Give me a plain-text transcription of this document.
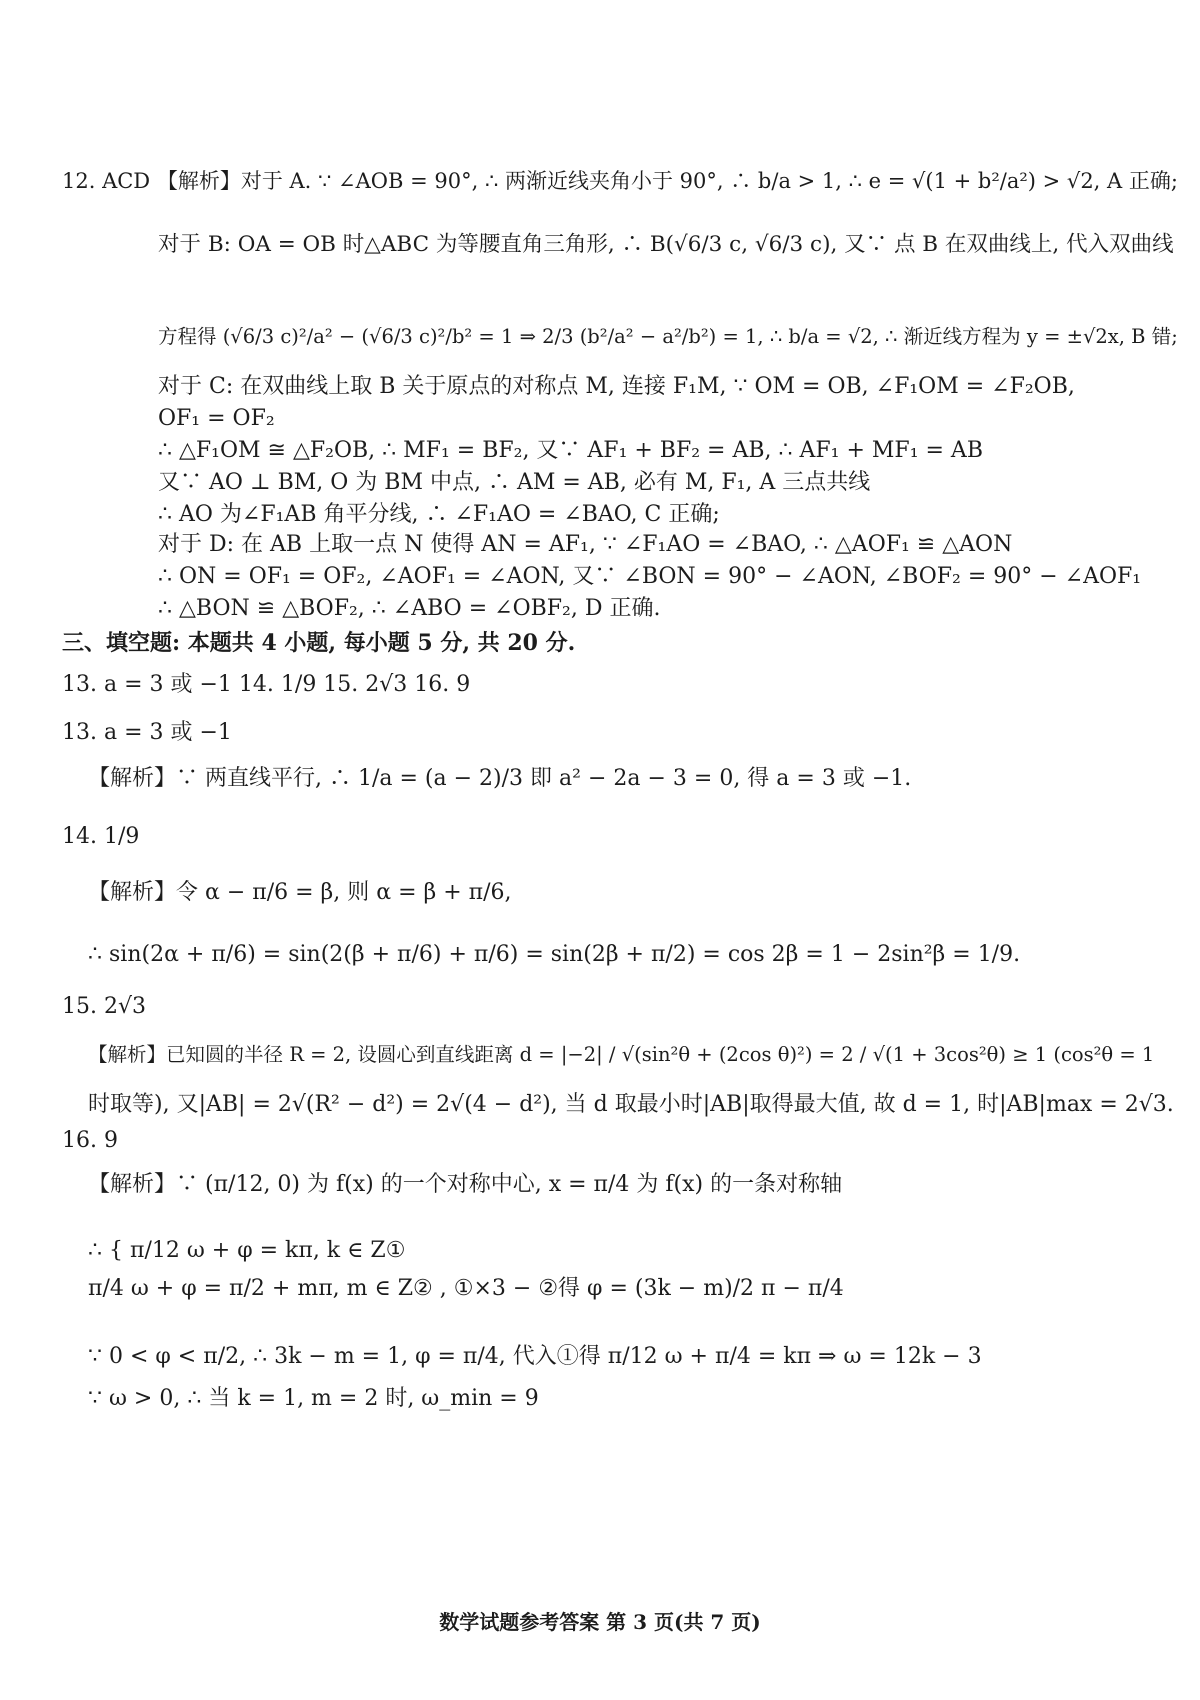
12. ACD 【解析】对于 A. ∵ ∠AOB = 90°, ∴ 两渐近线夹角小于 90°, ∴ b/a > 1, ∴ e = √(1 + b²/a²) > √2, A 正确;
对于 B: OA = OB 时△ABC 为等腰直角三角形, ∴ B(√6/3 c, √6/3 c), 又∵ 点 B 在双曲线上, 代入双曲线
方程得 (√6/3 c)²/a² − (√6/3 c)²/b² = 1 ⇒ 2/3 (b²/a² − a²/b²) = 1, ∴ b/a = √2, ∴ 渐近线方程为 y = ±√2x, B 错;
对于 C: 在双曲线上取 B 关于原点的对称点 M, 连接 F₁M, ∵ OM = OB, ∠F₁OM = ∠F₂OB,
OF₁ = OF₂
∴ △F₁OM ≅ △F₂OB, ∴ MF₁ = BF₂, 又∵ AF₁ + BF₂ = AB, ∴ AF₁ + MF₁ = AB
又∵ AO ⊥ BM, O 为 BM 中点, ∴ AM = AB, 必有 M, F₁, A 三点共线
∴ AO 为∠F₁AB 角平分线, ∴ ∠F₁AO = ∠BAO, C 正确;
对于 D: 在 AB 上取一点 N 使得 AN = AF₁, ∵ ∠F₁AO = ∠BAO, ∴ △AOF₁ ≌ △AON
∴ ON = OF₁ = OF₂, ∠AOF₁ = ∠AON, 又∵ ∠BON = 90° − ∠AON, ∠BOF₂ = 90° − ∠AOF₁
∴ △BON ≌ △BOF₂, ∴ ∠ABO = ∠OBF₂, D 正确.
三、填空题: 本题共 4 小题, 每小题 5 分, 共 20 分.
13. a = 3 或 −1 14. 1/9 15. 2√3 16. 9
13. a = 3 或 −1
【解析】∵ 两直线平行, ∴ 1/a = (a − 2)/3 即 a² − 2a − 3 = 0, 得 a = 3 或 −1.
14. 1/9
【解析】令 α − π/6 = β, 则 α = β + π/6,
∴ sin(2α + π/6) = sin(2(β + π/6) + π/6) = sin(2β + π/2) = cos 2β = 1 − 2sin²β = 1/9.
15. 2√3
【解析】已知圆的半径 R = 2, 设圆心到直线距离 d = |−2| / √(sin²θ + (2cos θ)²) = 2 / √(1 + 3cos²θ) ≥ 1 (cos²θ = 1
时取等), 又|AB| = 2√(R² − d²) = 2√(4 − d²), 当 d 取最小时|AB|取得最大值, 故 d = 1, 时|AB|max = 2√3.
16. 9
【解析】∵ (π/12, 0) 为 f(x) 的一个对称中心, x = π/4 为 f(x) 的一条对称轴
∴ { π/12 ω + φ = kπ, k ∈ Z①
π/4 ω + φ = π/2 + mπ, m ∈ Z② , ①×3 − ②得 φ = (3k − m)/2 π − π/4
∵ 0 < φ < π/2, ∴ 3k − m = 1, φ = π/4, 代入①得 π/12 ω + π/4 = kπ ⇒ ω = 12k − 3
∵ ω > 0, ∴ 当 k = 1, m = 2 时, ω_min = 9
数学试题参考答案 第 3 页(共 7 页)
